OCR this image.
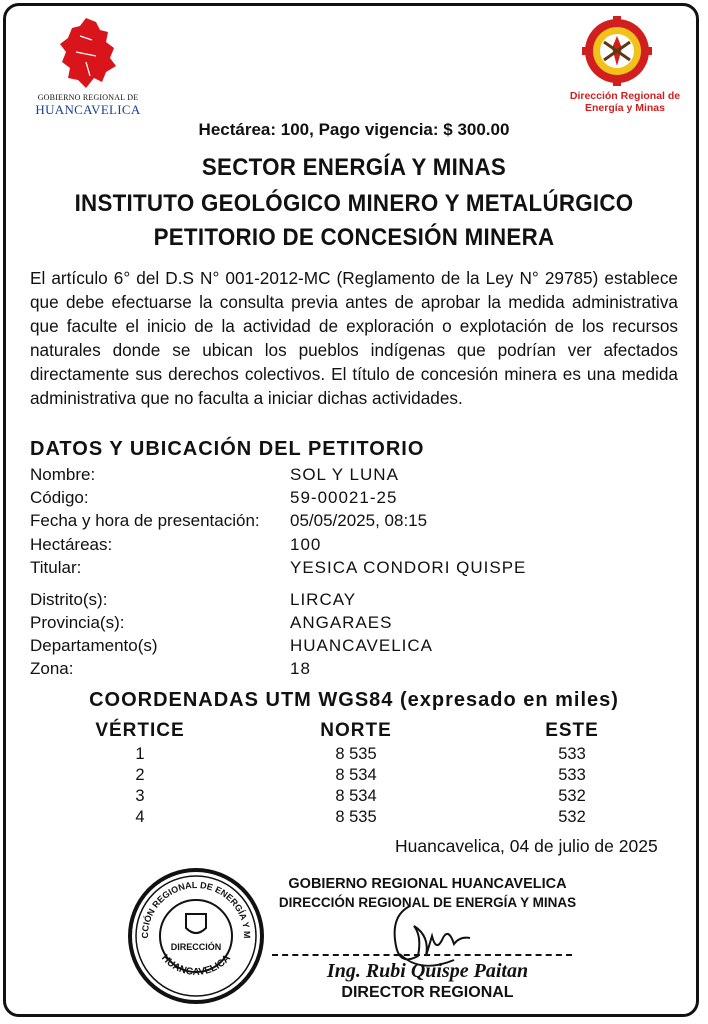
GOBIERNO REGIONAL DE
HUANCAVELICA
Dirección Regional de
Energía y Minas
Hectárea: 100, Pago vigencia: $ 300.00
SECTOR ENERGÍA Y MINAS
INSTITUTO GEOLÓGICO MINERO Y METALÚRGICO
PETITORIO DE CONCESIÓN MINERA
El artículo 6° del D.S N° 001-2012-MC (Reglamento de la Ley N° 29785) establece que debe efectuarse la consulta previa antes de aprobar la medida administrativa que faculte el inicio de la actividad de exploración o explotación de los recursos naturales donde se ubican los pueblos indígenas que podrían ver afectados directamente sus derechos colectivos. El título de concesión minera es una medida administrativa que no faculta a iniciar dichas actividades.
DATOS Y UBICACIÓN DEL PETITORIO
Nombre:	SOL Y LUNA
Código:	59-00021-25
Fecha y hora de presentación: 05/05/2025, 08:15
Hectáreas:	100
Titular:	YESICA CONDORI QUISPE
Distrito(s):	LIRCAY
Provincia(s):	ANGARAES
Departamento(s)	HUANCAVELICA
Zona:	18
COORDENADAS UTM WGS84 (expresado en miles)
VÉRTICE	NORTE	ESTE
1	8 535	533
2	8 534	533
3	8 534	532
4	8 535	532
Huancavelica, 04 de julio de 2025
CCIÓN REGIONAL DE ENERGÍA Y M
HUANCAVELICA
DIRECCIÓN
GOBIERNO REGIONAL HUANCAVELICA
DIRECCIÓN REGIONAL DE ENERGÍA Y MINAS
Ing. Rubi Quispe Paitan
DIRECTOR REGIONAL
